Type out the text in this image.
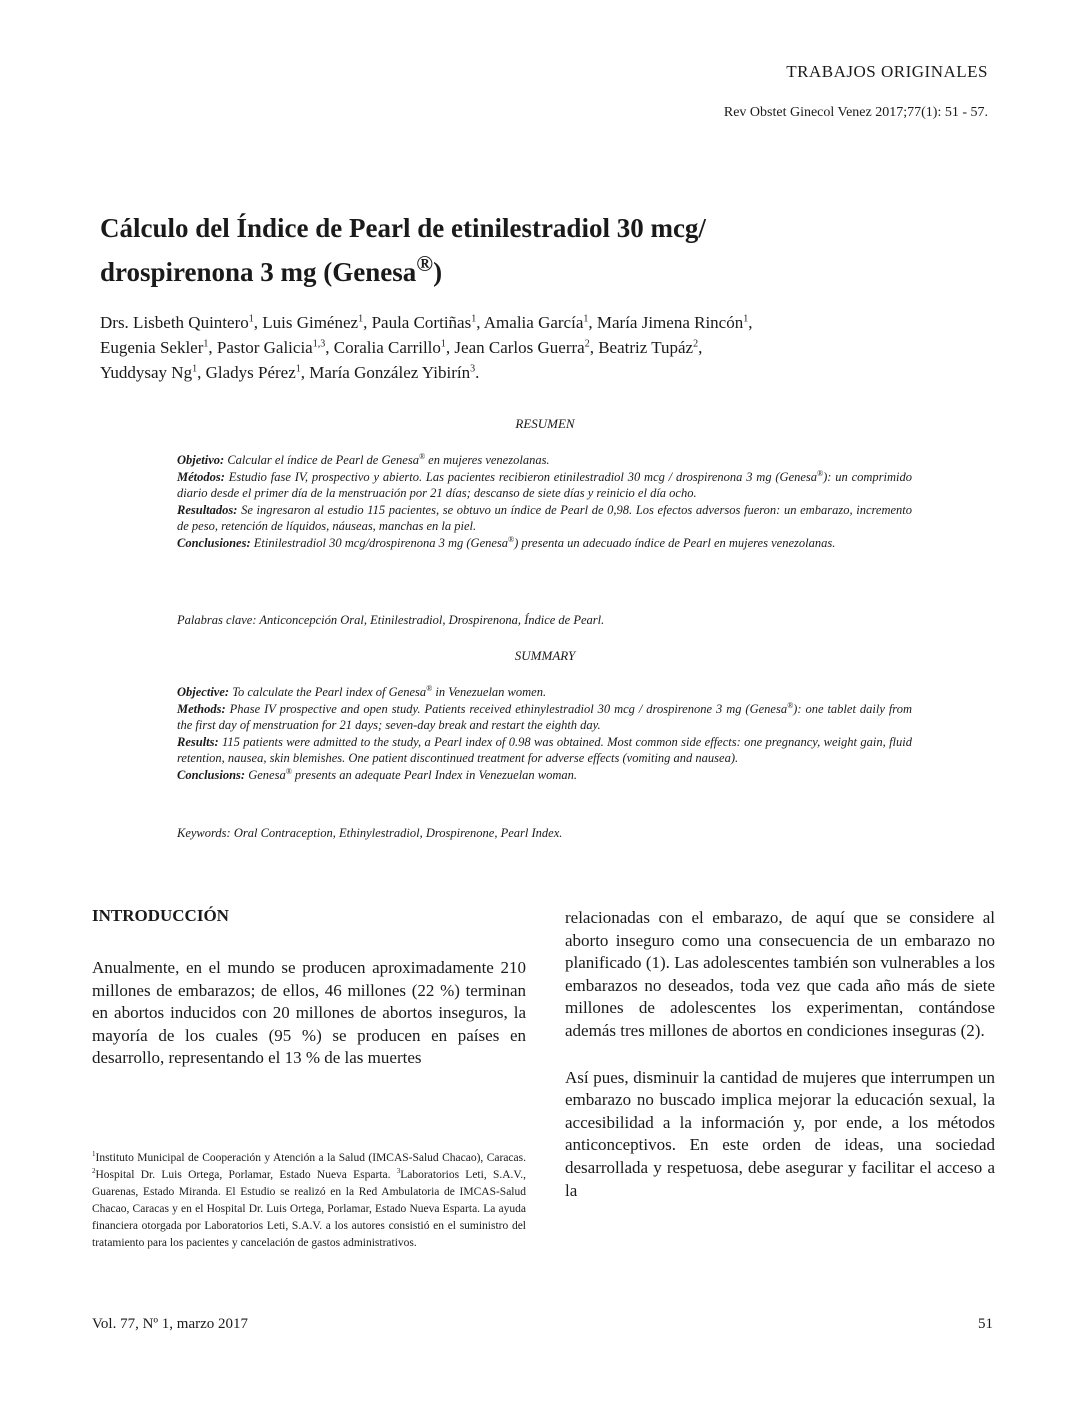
TRABAJOS ORIGINALES
Rev Obstet Ginecol Venez 2017;77(1): 51 - 57.
Cálculo del Índice de Pearl de etinilestradiol 30 mcg/
drospirenona 3 mg (Genesa®)
Drs. Lisbeth Quintero$^1$, Luis Giménez$^1$, Paula Cortiñas$^1$, Amalia García$^1$, María Jimena Rincón$^1$,
Eugenia Sekler$^1$, Pastor Galicia$^{1,3}$, Coralia Carrillo$^1$, Jean Carlos Guerra$^2$, Beatriz Tupáz$^2$,
Yuddysay Ng$^1$, Gladys Pérez$^1$, María González Yibirín$^3$.
RESUMEN

Objetivo: Calcular el índice de Pearl de Genesa® en mujeres venezolanas.

Métodos: Estudio fase IV, prospectivo y abierto. Las pacientes recibieron etinilestradiol 30 mcg / drospirenona 3 mg (Genesa®): un comprimido diario desde el primer día de la menstruación por 21 días; descanso de siete días y reinicio el día ocho.

Resultados: Se ingresaron al estudio 115 pacientes, se obtuvo un índice de Pearl de 0,98. Los efectos adversos fueron: un embarazo, incremento de peso, retención de líquidos, náuseas, manchas en la piel.

Conclusiones: Etinilestradiol 30 mcg/drospirenona 3 mg (Genesa®) presenta un adecuado índice de Pearl en mujeres venezolanas.

Palabras clave: Anticoncepción Oral, Etinilestradiol, Drospirenona, Índice de Pearl.
SUMMARY

Objective: To calculate the Pearl index of Genesa® in Venezuelan women.

Methods: Phase IV prospective and open study. Patients received ethinylestradiol 30 mcg / drospirenone 3 mg (Genesa®): one tablet daily from the first day of menstruation for 21 days; seven-day break and restart the eighth day.

Results: 115 patients were admitted to the study, a Pearl index of 0.98 was obtained. Most common side effects: one pregnancy, weight gain, fluid retention, nausea, skin blemishes. One patient discontinued treatment for adverse effects (vomiting and nausea).

Conclusions: Genesa® presents an adequate Pearl Index in Venezuelan woman.

Keywords: Oral Contraception, Ethinylestradiol, Drospirenone, Pearl Index.
INTRODUCCIÓN

Anualmente, en el mundo se producen aproximadamente 210 millones de embarazos; de ellos, 46 millones (22 %) terminan en abortos inducidos con 20 millones de abortos inseguros, la mayoría de los cuales (95 %) se producen en países en desarrollo, representando el 13 % de las muertes

relacionadas con el embarazo, de aquí que se considere al aborto inseguro como una consecuencia de un embarazo no planificado (1). Las adolescentes también son vulnerables a los embarazos no deseados, toda vez que cada año más de siete millones de adolescentes los experimentan, contándose además tres millones de abortos en condiciones inseguras (2).

Así pues, disminuir la cantidad de mujeres que interrumpen un embarazo no buscado implica mejorar la educación sexual, la accesibilidad a la información y, por ende, a los métodos anticonceptivos. En este orden de ideas, una sociedad desarrollada y respetuosa, debe asegurar y facilitar el acceso a la

$^1$Instituto Municipal de Cooperación y Atención a la Salud (IMCAS-Salud Chacao), Caracas. $^2$Hospital Dr. Luis Ortega, Porlamar, Estado Nueva Esparta. $^3$Laboratorios Leti, S.A.V., Guarenas, Estado Miranda. El Estudio se realizó en la Red Ambulatoria de IMCAS-Salud Chacao, Caracas y en el Hospital Dr. Luis Ortega, Porlamar, Estado Nueva Esparta. La ayuda financiera otorgada por Laboratorios Leti, S.A.V. a los autores consistió en el suministro del tratamiento para los pacientes y cancelación de gastos administrativos.
Vol. 77, Nº 1, marzo 2017	51
